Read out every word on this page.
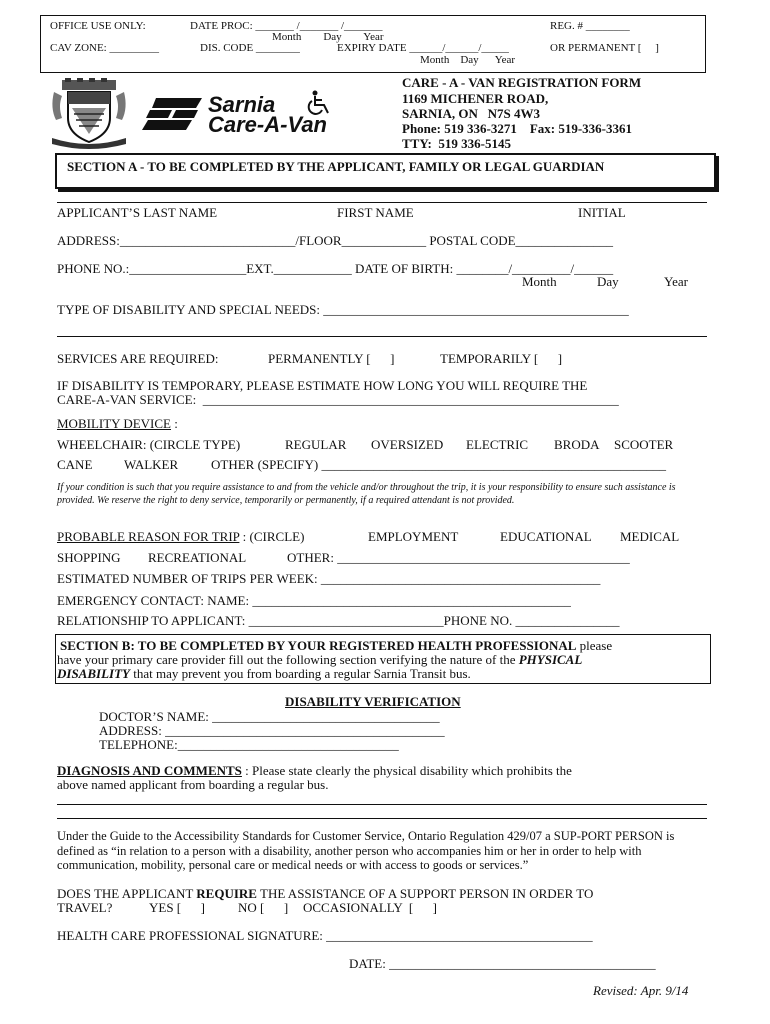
OFFICE USE ONLY:
CAV ZONE: _________
DATE PROC: _______ /_______ /_______
Month        Day        Year
DIS. CODE ________	EXPIRY DATE ______/______/_____
Month    Day      Year
REG. # ________
OR PERMANENT [     ]
Sarnia
Care-A-Van
CARE - A - VAN REGISTRATION FORM
1169 MICHENER ROAD,
SARNIA, ON   N7S 4W3
Phone: 519 336-3271    Fax: 519-336-3361
TTY:  519 336-5145
SECTION A - TO BE COMPLETED BY THE APPLICANT, FAMILY OR LEGAL GUARDIAN
APPLICANT’S LAST NAME	FIRST NAME	INITIAL
ADDRESS:___________________________/FLOOR_____________ POSTAL CODE_______________
PHONE NO.:__________________EXT.____________ DATE OF BIRTH: ________/_________/______
Month	Day	Year
TYPE OF DISABILITY AND SPECIAL NEEDS: _______________________________________________
SERVICES ARE REQUIRED:	PERMANENTLY [      ]	TEMPORARILY [      ]
IF DISABILITY IS TEMPORARY, PLEASE ESTIMATE HOW LONG YOU WILL REQUIRE THE
CARE-A-VAN SERVICE:  ________________________________________________________________
MOBILITY DEVICE :
WHEELCHAIR: (CIRCLE TYPE)	REGULAR OVERSIZED ELECTRIC BRODA SCOOTER
CANE WALKER	OTHER (SPECIFY) _____________________________________________________
If your condition is such that you require assistance to and from the vehicle and/or throughout the trip, it is your responsibility to ensure such assistance is provided. We reserve the right to deny service, temporarily or permanently, if a required attendant is not provided.
PROBABLE REASON FOR TRIP : (CIRCLE)	EMPLOYMENT	EDUCATIONAL MEDICAL
SHOPPING RECREATIONAL	OTHER: _____________________________________________
ESTIMATED NUMBER OF TRIPS PER WEEK: ___________________________________________
EMERGENCY CONTACT: NAME: _________________________________________________
RELATIONSHIP TO APPLICANT: ______________________________PHONE NO. ________________
SECTION B: TO BE COMPLETED BY YOUR REGISTERED HEALTH PROFESSIONAL please
have your primary care provider fill out the following section verifying the nature of the PHYSICAL
DISABILITY that may prevent you from boarding a regular Sarnia Transit bus.
DISABILITY VERIFICATION
DOCTOR’S NAME: ___________________________________
ADDRESS: ___________________________________________
TELEPHONE:__________________________________
DIAGNOSIS AND COMMENTS : Please state clearly the physical disability which prohibits the
above named applicant from boarding a regular bus.
Under the Guide to the Accessibility Standards for Customer Service, Ontario Regulation 429/07 a SUP-PORT PERSON is defined as “in relation to a person with a disability, another person who accompanies him or her in order to help with communication, mobility, personal care or medical needs or with access to goods or services.”
DOES THE APPLICANT REQUIRE THE ASSISTANCE OF A SUPPORT PERSON IN ORDER TO
TRAVEL?	YES [      ]	NO [      ] OCCASIONALLY  [      ]
HEALTH CARE PROFESSIONAL SIGNATURE: _________________________________________
DATE: _________________________________________
Revised: Apr. 9/14
